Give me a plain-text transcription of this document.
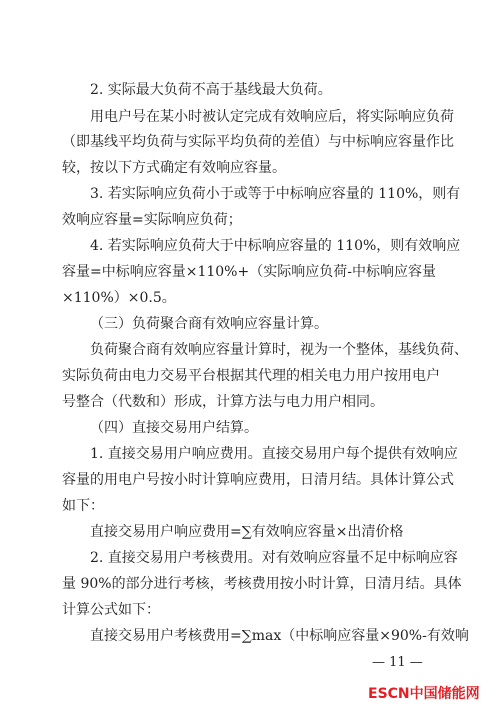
2. 实际最大负荷不高于基线最大负荷。
用电户号在某小时被认定完成有效响应后，将实际响应负荷
（即基线平均负荷与实际平均负荷的差值）与中标响应容量作比
较，按以下方式确定有效响应容量。
3. 若实际响应负荷小于或等于中标响应容量的 110%，则有
效响应容量=实际响应负荷；
4. 若实际响应负荷大于中标响应容量的 110%，则有效响应
容量=中标响应容量×110%+（实际响应负荷-中标响应容量
×110%）×0.5。
（三）负荷聚合商有效响应容量计算。
负荷聚合商有效响应容量计算时，视为一个整体，基线负荷、
实际负荷由电力交易平台根据其代理的相关电力用户按用电户
号整合（代数和）形成，计算方法与电力用户相同。
（四）直接交易用户结算。
1. 直接交易用户响应费用。直接交易用户每个提供有效响应
容量的用电户号按小时计算响应费用，日清月结。具体计算公式
如下：
直接交易用户响应费用=∑有效响应容量×出清价格
2. 直接交易用户考核费用。对有效响应容量不足中标响应容
量 90%的部分进行考核，考核费用按小时计算，日清月结。具体
计算公式如下：
直接交易用户考核费用=∑max（中标响应容量×90%-有效响
— 11 —
ESCN中国储能网
